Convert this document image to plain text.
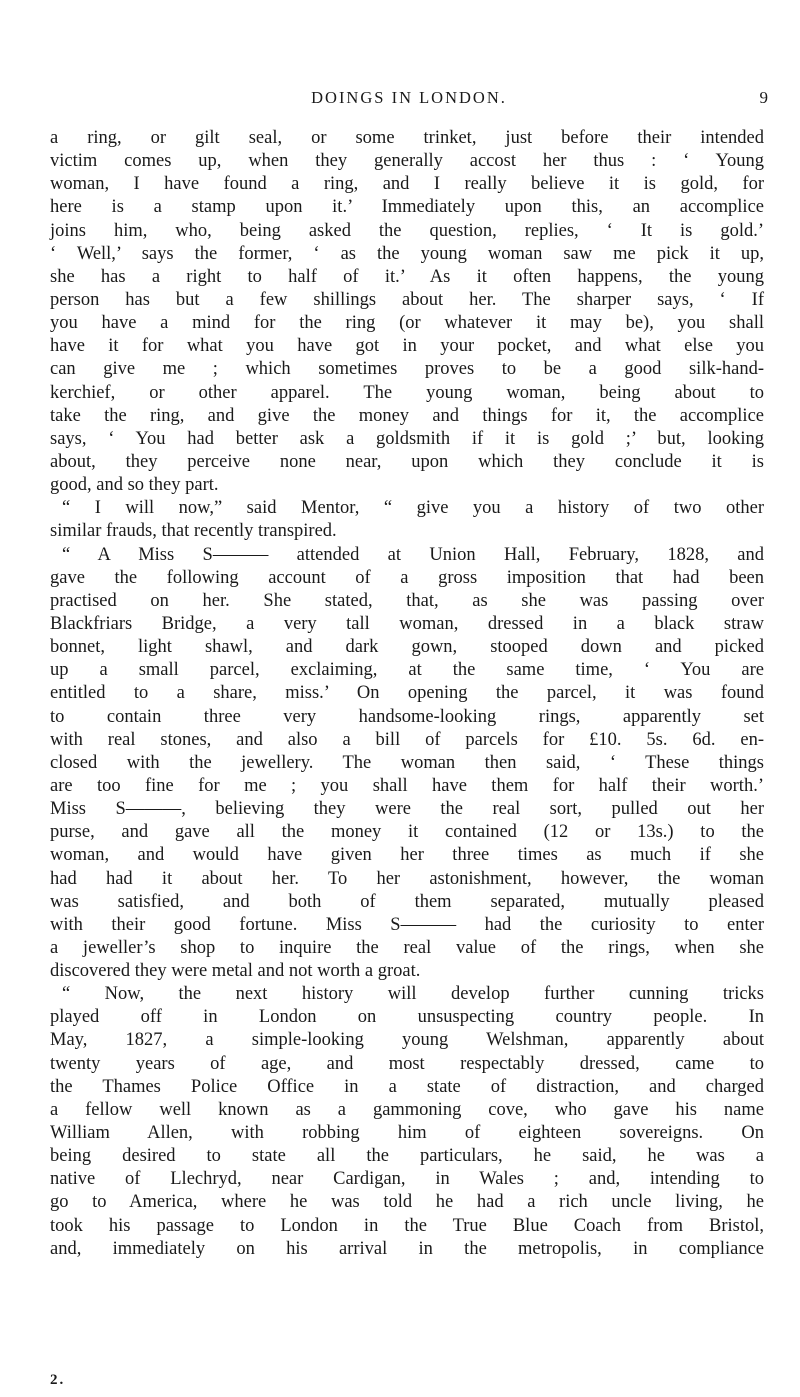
DOINGS IN LONDON.	9
a ring, or gilt seal, or some trinket, just before their intended
victim comes up, when they generally accost her thus : ‘ Young
woman, I have found a ring, and I really believe it is gold, for
here is a stamp upon it.’ Immediately upon this, an accomplice
joins him, who, being asked the question, replies, ‘ It is gold.’
‘ Well,’ says the former, ‘ as the young woman saw me pick it up,
she has a right to half of it.’ As it often happens, the young
person has but a few shillings about her. The sharper says, ‘ If
you have a mind for the ring (or whatever it may be), you shall
have it for what you have got in your pocket, and what else you
can give me ; which sometimes proves to be a good silk-hand-
kerchief, or other apparel. The young woman, being about to
take the ring, and give the money and things for it, the accomplice
says, ‘ You had better ask a goldsmith if it is gold ;’ but, looking
about, they perceive none near, upon which they conclude it is
good, and so they part.
“ I will now,” said Mentor, “ give you a history of two other
similar frauds, that recently transpired.
“ A Miss S——— attended at Union Hall, February, 1828, and
gave the following account of a gross imposition that had been
practised on her. She stated, that, as she was passing over
Blackfriars Bridge, a very tall woman, dressed in a black straw
bonnet, light shawl, and dark gown, stooped down and picked
up a small parcel, exclaiming, at the same time, ‘ You are
entitled to a share, miss.’ On opening the parcel, it was found
to contain three very handsome-looking rings, apparently set
with real stones, and also a bill of parcels for £10. 5s. 6d. en-
closed with the jewellery. The woman then said, ‘ These things
are too fine for me ; you shall have them for half their worth.’
Miss S———, believing they were the real sort, pulled out her
purse, and gave all the money it contained (12 or 13s.) to the
woman, and would have given her three times as much if she
had had it about her. To her astonishment, however, the woman
was satisfied, and both of them separated, mutually pleased
with their good fortune. Miss S——— had the curiosity to enter
a jeweller’s shop to inquire the real value of the rings, when she
discovered they were metal and not worth a groat.
“ Now, the next history will develop further cunning tricks
played off in London on unsuspecting country people. In
May, 1827, a simple-looking young Welshman, apparently about
twenty years of age, and most respectably dressed, came to
the Thames Police Office in a state of distraction, and charged
a fellow well known as a gammoning cove, who gave his name
William Allen, with robbing him of eighteen sovereigns. On
being desired to state all the particulars, he said, he was a
native of Llechryd, near Cardigan, in Wales ; and, intending to
go to America, where he was told he had a rich uncle living, he
took his passage to London in the True Blue Coach from Bristol,
and, immediately on his arrival in the metropolis, in compliance
2.
